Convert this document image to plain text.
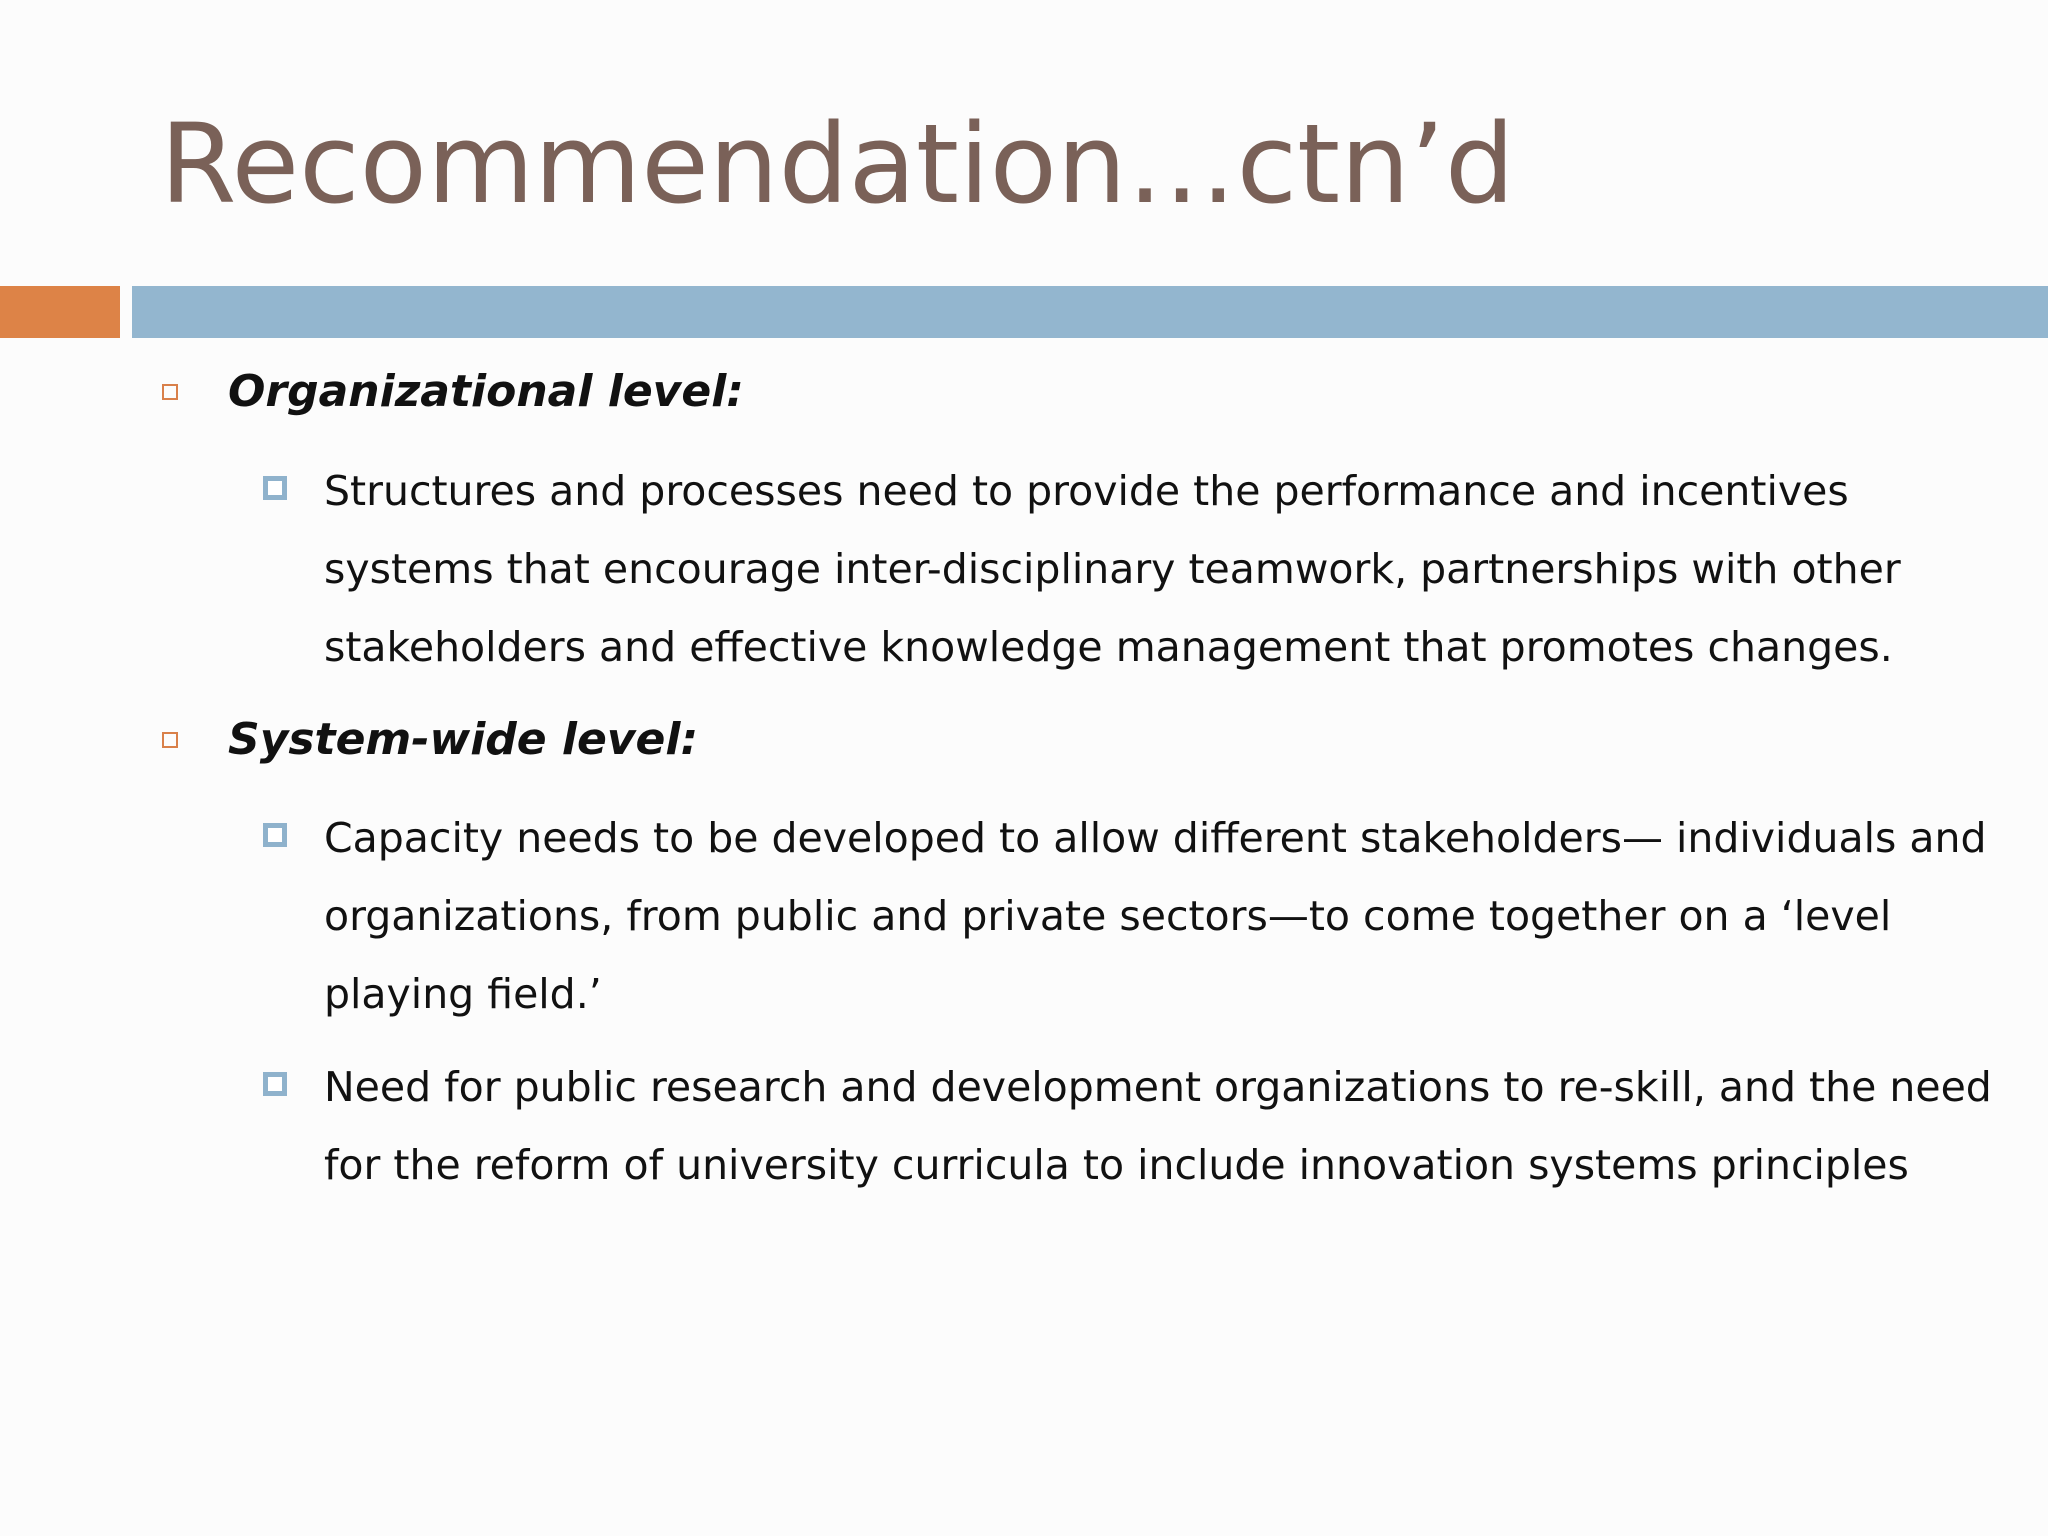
Recommendation…ctn’d
Organizational level:
Structures and processes need to provide the performance and incentives systems that encourage inter-disciplinary teamwork, partnerships with other stakeholders and effective knowledge management that promotes changes.
System-wide level:
Capacity needs to be developed to allow different stakeholders— individuals and organizations, from public and private sectors—to come together on a ‘level playing field.’
Need for public research and development organizations to re-skill, and the need for the reform of university curricula to include innovation systems principles
